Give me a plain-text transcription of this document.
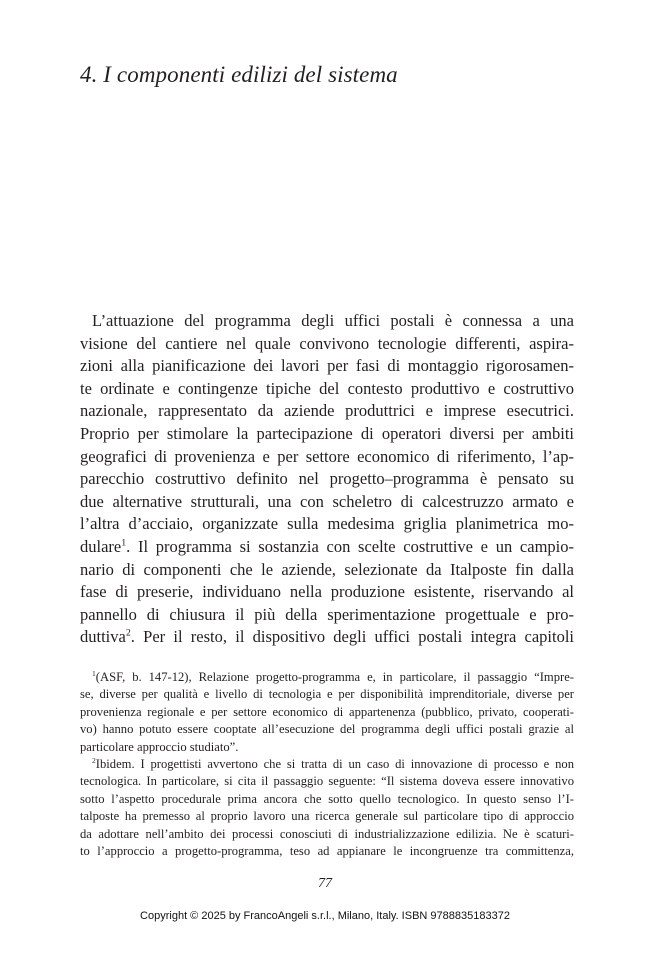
4. I componenti edilizi del sistema
L’attuazione del programma degli uffici postali è connessa a una
visione del cantiere nel quale convivono tecnologie differenti, aspira-
zioni alla pianificazione dei lavori per fasi di montaggio rigorosamen-
te ordinate e contingenze tipiche del contesto produttivo e costruttivo
nazionale, rappresentato da aziende produttrici e imprese esecutrici.
Proprio per stimolare la partecipazione di operatori diversi per ambiti
geografici di provenienza e per settore economico di riferimento, l’ap-
parecchio costruttivo definito nel progetto–programma è pensato su
due alternative strutturali, una con scheletro di calcestruzzo armato e
l’altra d’acciaio, organizzate sulla medesima griglia planimetrica mo-
dulare$^1$. Il programma si sostanzia con scelte costruttive e un campio-
nario di componenti che le aziende, selezionate da Italposte fin dalla
fase di preserie, individuano nella produzione esistente, riservando al
pannello di chiusura il più della sperimentazione progettuale e pro-
duttiva$^2$. Per il resto, il dispositivo degli uffici postali integra capitoli
$^1$(ASF, b. 147-12), Relazione progetto-programma e, in particolare, il passaggio “Impre-
se, diverse per qualità e livello di tecnologia e per disponibilità imprenditoriale, diverse per
provenienza regionale e per settore economico di appartenenza (pubblico, privato, cooperati-
vo) hanno potuto essere cooptate all’esecuzione del programma degli uffici postali grazie al
particolare approccio studiato”.
$^2$Ibidem. I progettisti avvertono che si tratta di un caso di innovazione di processo e non
tecnologica. In particolare, si cita il passaggio seguente: “Il sistema doveva essere innovativo
sotto l’aspetto procedurale prima ancora che sotto quello tecnologico. In questo senso l’I-
talposte ha premesso al proprio lavoro una ricerca generale sul particolare tipo di approccio
da adottare nell’ambito dei processi conosciuti di industrializzazione edilizia. Ne è scaturi-
to l’approccio a progetto-programma, teso ad appianare le incongruenze tra committenza,
77
Copyright © 2025 by FrancoAngeli s.r.l., Milano, Italy. ISBN 9788835183372
